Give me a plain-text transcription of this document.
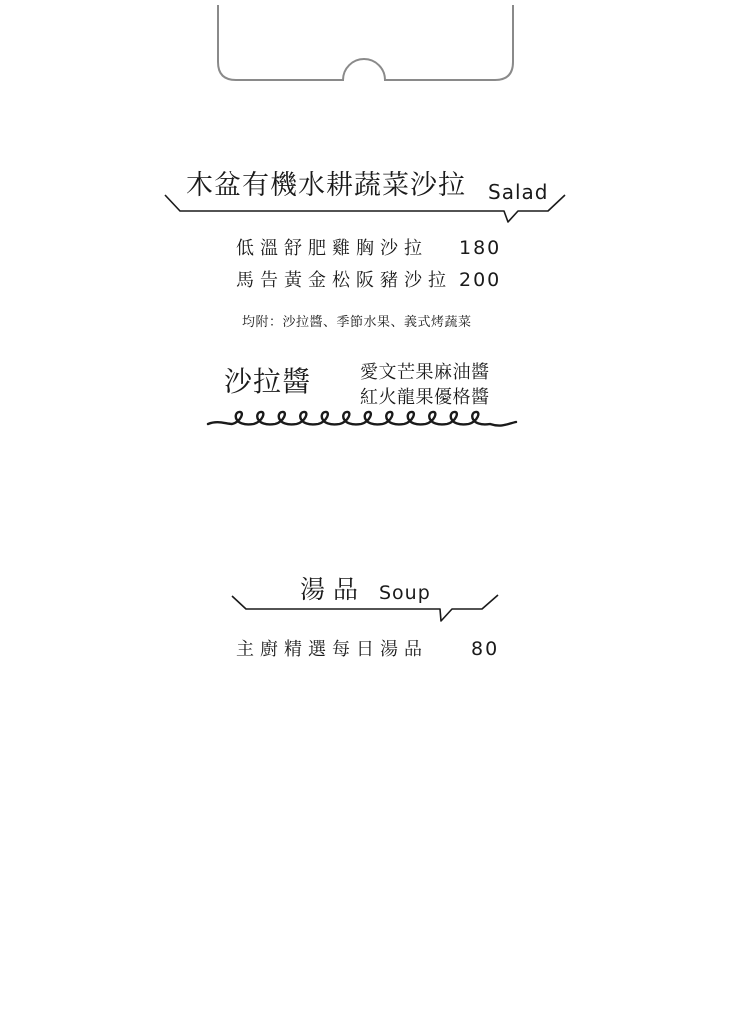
木盆有機水耕蔬菜沙拉 Salad
低溫舒肥雞胸沙拉 180
馬告黃金松阪豬沙拉 200
均附：沙拉醬、季節水果、義式烤蔬菜
沙拉醬	愛文芒果麻油醬
紅火龍果優格醬
湯品 Soup
主廚精選每日湯品 80
